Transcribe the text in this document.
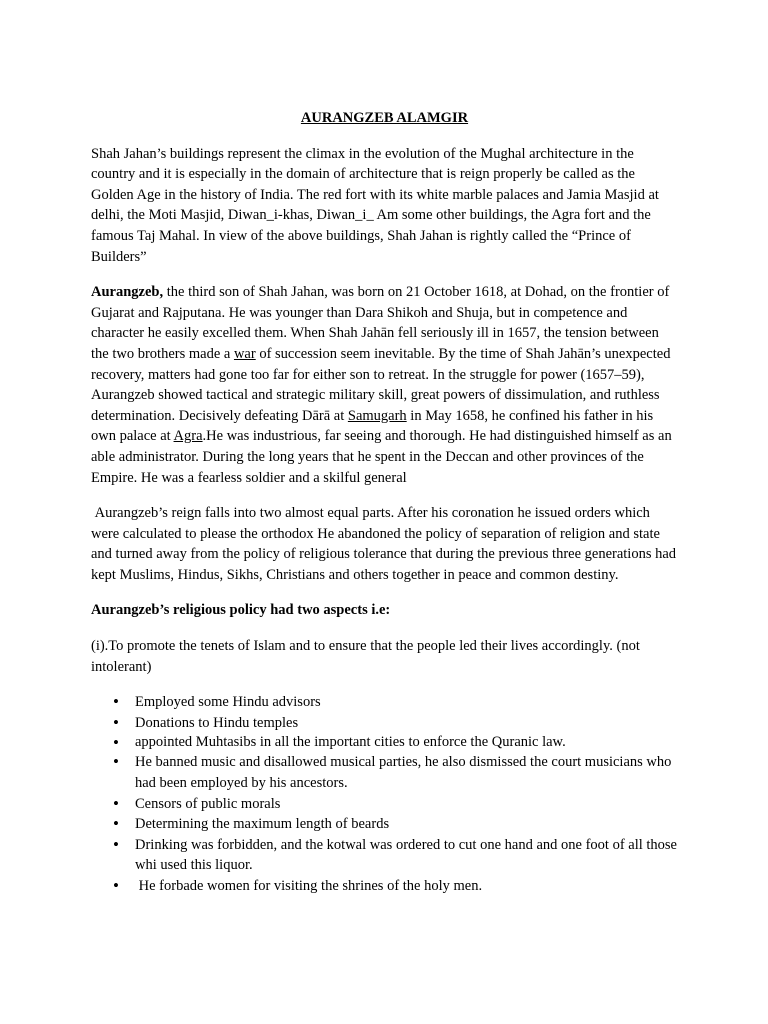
AURANGZEB ALAMGIR

Shah Jahan’s buildings represent the climax in the evolution of the Mughal architecture in the country and it is especially in the domain of architecture that is reign properly be called as the Golden Age in the history of India. The red fort with its white marble palaces and Jamia Masjid at delhi, the Moti Masjid, Diwan_i-khas, Diwan_i_ Am some other buildings, the Agra fort and the famous Taj Mahal. In view of the above buildings, Shah Jahan is rightly called the “Prince of Builders”

Aurangzeb, the third son of Shah Jahan, was born on 21 October 1618, at Dohad, on the frontier of Gujarat and Rajputana. He was younger than Dara Shikoh and Shuja, but in competence and character he easily excelled them. When Shah Jahān fell seriously ill in 1657, the tension between the two brothers made a war of succession seem inevitable. By the time of Shah Jahān’s unexpected recovery, matters had gone too far for either son to retreat. In the struggle for power (1657–59), Aurangzeb showed tactical and strategic military skill, great powers of dissimulation, and ruthless determination. Decisively defeating Dārā at Samugarh in May 1658, he confined his father in his own palace at Agra.He was industrious, far seeing and thorough. He had distinguished himself as an able administrator. During the long years that he spent in the Deccan and other provinces of the Empire. He was a fearless soldier and a skilful general

Aurangzeb’s reign falls into two almost equal parts. After his coronation he issued orders which were calculated to please the orthodox He abandoned the policy of separation of religion and state and turned away from the policy of religious tolerance that during the previous three generations had kept Muslims, Hindus, Sikhs, Christians and others together in peace and common destiny.

Aurangzeb’s religious policy had two aspects i.e:

(i).To promote the tenets of Islam and to ensure that the people led their lives accordingly. (not intolerant)

• Employed some Hindu advisors
• Donations to Hindu temples
• appointed Muhtasibs in all the important cities to enforce the Quranic law.
• He banned music and disallowed musical parties, he also dismissed the court musicians who had been employed by his ancestors.
• Censors of public morals
• Determining the maximum length of beards
• Drinking was forbidden, and the kotwal was ordered to cut one hand and one foot of all those whi used this liquor.
•  He forbade women for visiting the shrines of the holy men.
